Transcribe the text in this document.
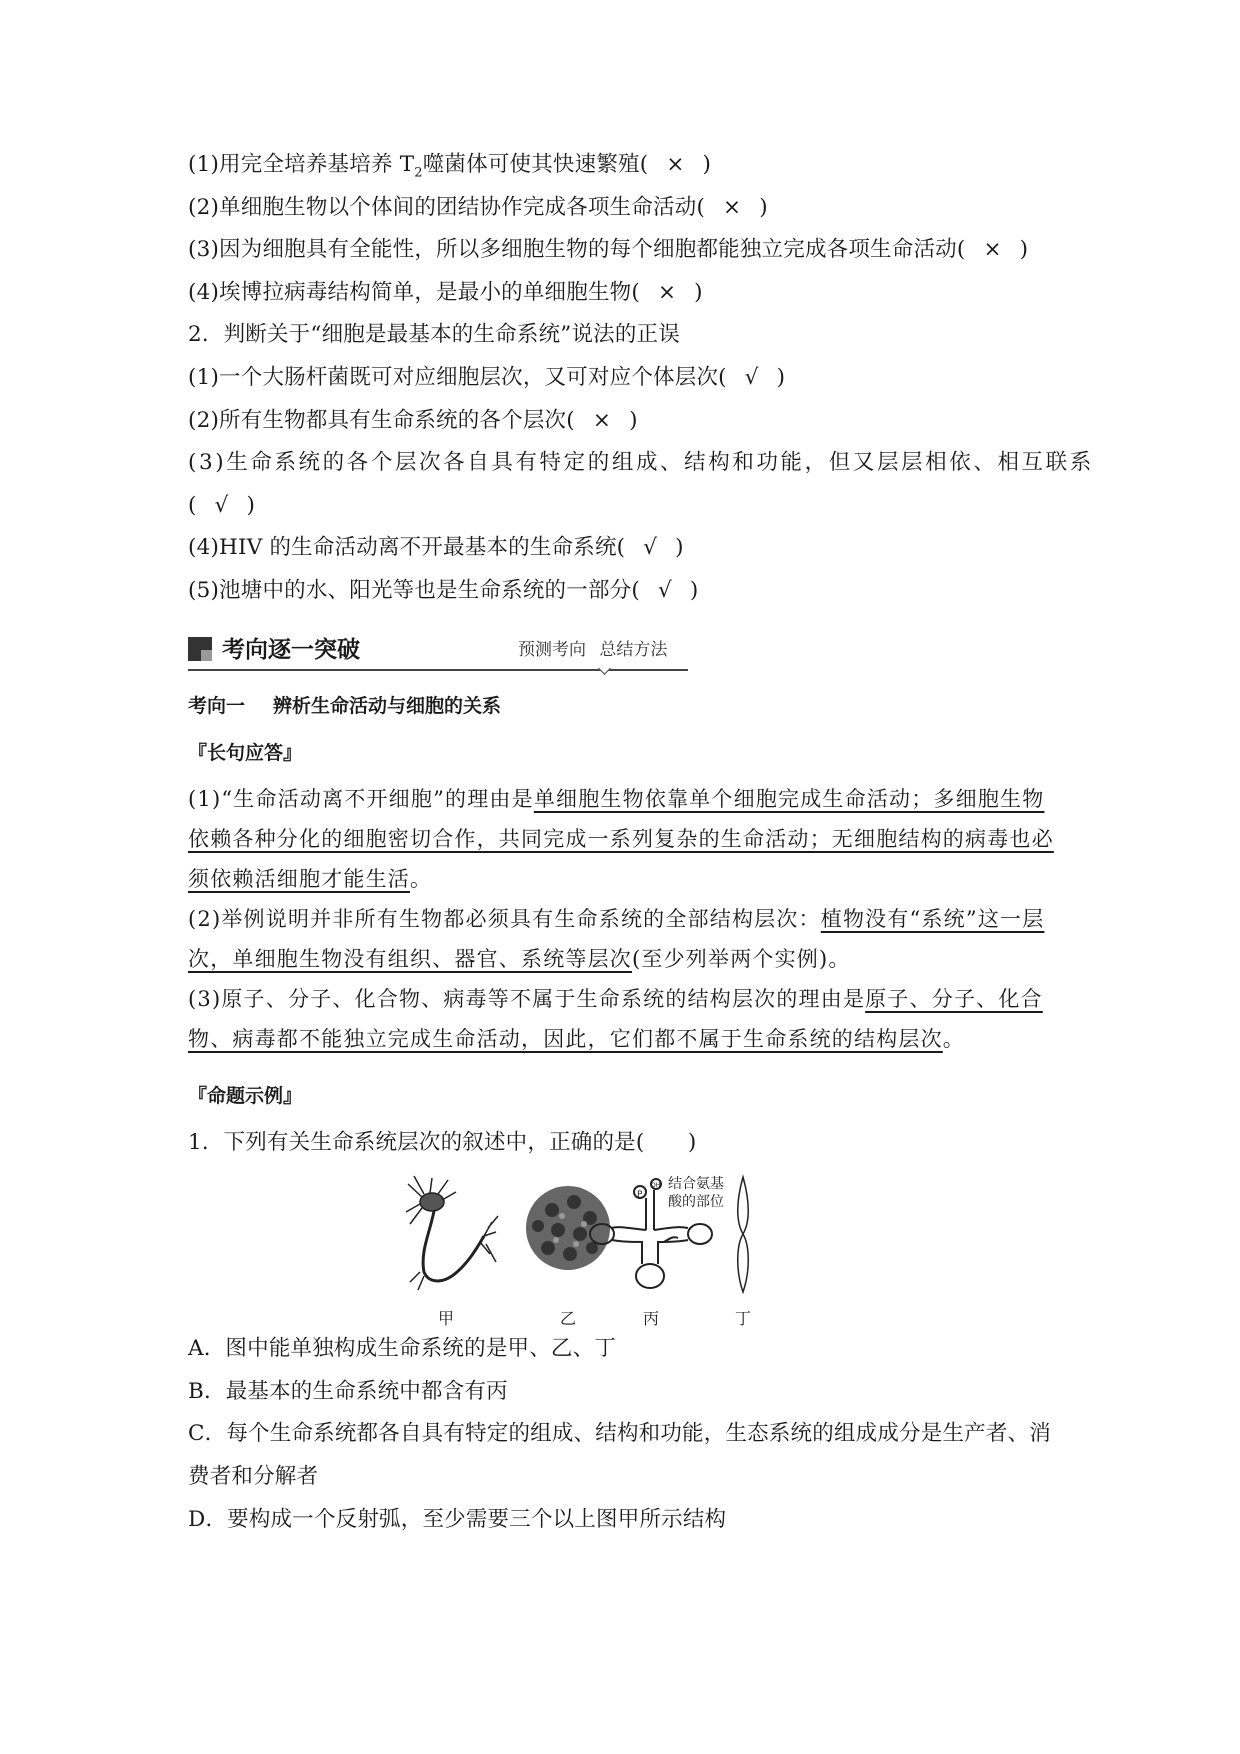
(1)用完全培养基培养 $T_2$噬菌体可使其快速繁殖( × )
(2)单细胞生物以个体间的团结协作完成各项生命活动( × )
(3)因为细胞具有全能性，所以多细胞生物的每个细胞都能独立完成各项生命活动( × )
(4)埃博拉病毒结构简单，是最小的单细胞生物( × )
2．判断关于“细胞是最基本的生命系统”说法的正误
(1)一个大肠杆菌既可对应细胞层次，又可对应个体层次( √ )
(2)所有生物都具有生命系统的各个层次( × )
(3)生命系统的各个层次各自具有特定的组成、结构和功能，但又层层相依、相互联系
( √ )
(4)HIV 的生命活动离不开最基本的生命系统( √ )
(5)池塘中的水、阳光等也是生命系统的一部分( √ )
考向逐一突破	预测考向 总结方法
考向一 辨析生命活动与细胞的关系
『长句应答』
(1)“生命活动离不开细胞”的理由是单细胞生物依靠单个细胞完成生命活动；多细胞生物依赖各种分化的细胞密切合作，共同完成一系列复杂的生命活动；无细胞结构的病毒也必须依赖活细胞才能生活。
(2)举例说明并非所有生物都必须具有生命系统的全部结构层次：植物没有“系统”这一层次，单细胞生物没有组织、器官、系统等层次(至少列举两个实例)。
(3)原子、分子、化合物、病毒等不属于生命系统的结构层次的理由是原子、分子、化合物、病毒都不能独立完成生命活动，因此，它们都不属于生命系统的结构层次。
『命题示例』
1．下列有关生命系统层次的叙述中，正确的是(　　)
P
OH 结合氨基
酸的部位
甲	乙	丙	丁
A．图中能单独构成生命系统的是甲、乙、丁
B．最基本的生命系统中都含有丙
C．每个生命系统都各自具有特定的组成、结构和功能，生态系统的组成成分是生产者、消费者和分解者
D．要构成一个反射弧，至少需要三个以上图甲所示结构
